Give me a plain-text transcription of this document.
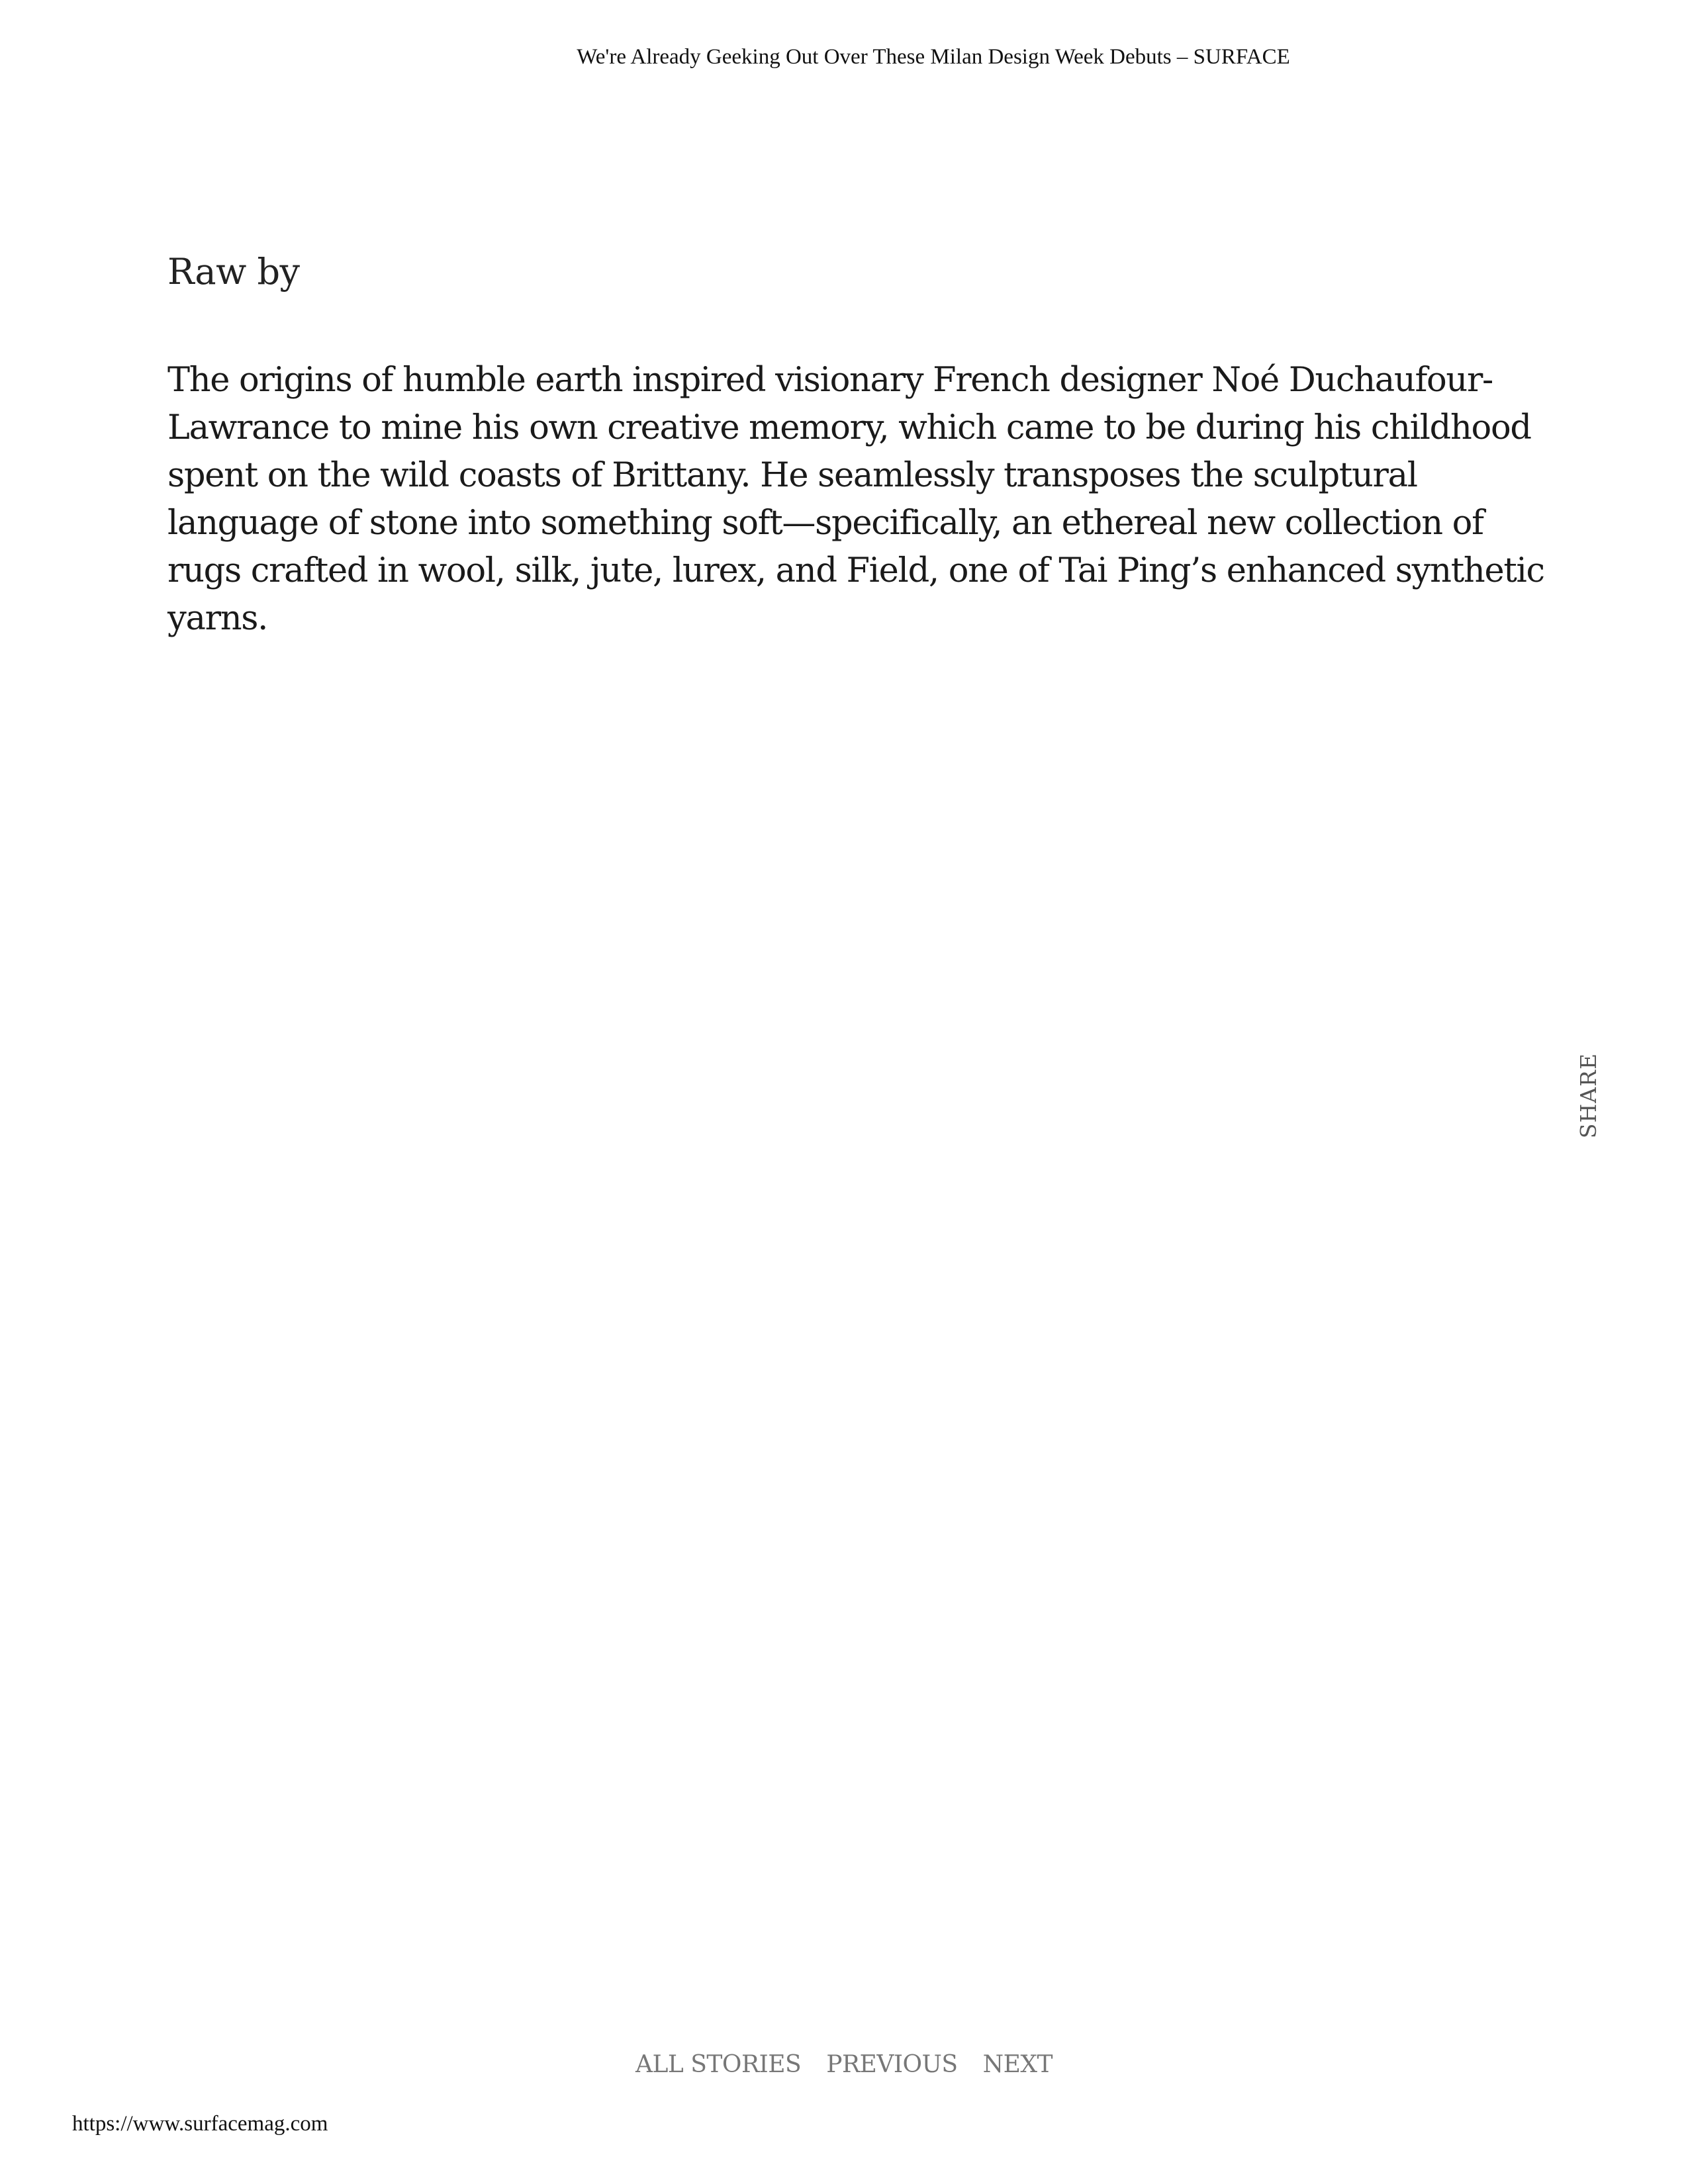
We're Already Geeking Out Over These Milan Design Week Debuts – SURFACE
Raw by

The origins of humble earth inspired visionary French designer Noé Duchaufour-Lawrance to mine his own creative memory, which came to be during his childhood spent on the wild coasts of Brittany. He seamlessly transposes the sculptural language of stone into something soft—specifically, an ethereal new collection of rugs crafted in wool, silk, jute, lurex, and Field, one of Tai Ping’s enhanced synthetic yarns.

SHARE
ALL STORIES PREVIOUS NEXT
https://www.surfacemag.com
